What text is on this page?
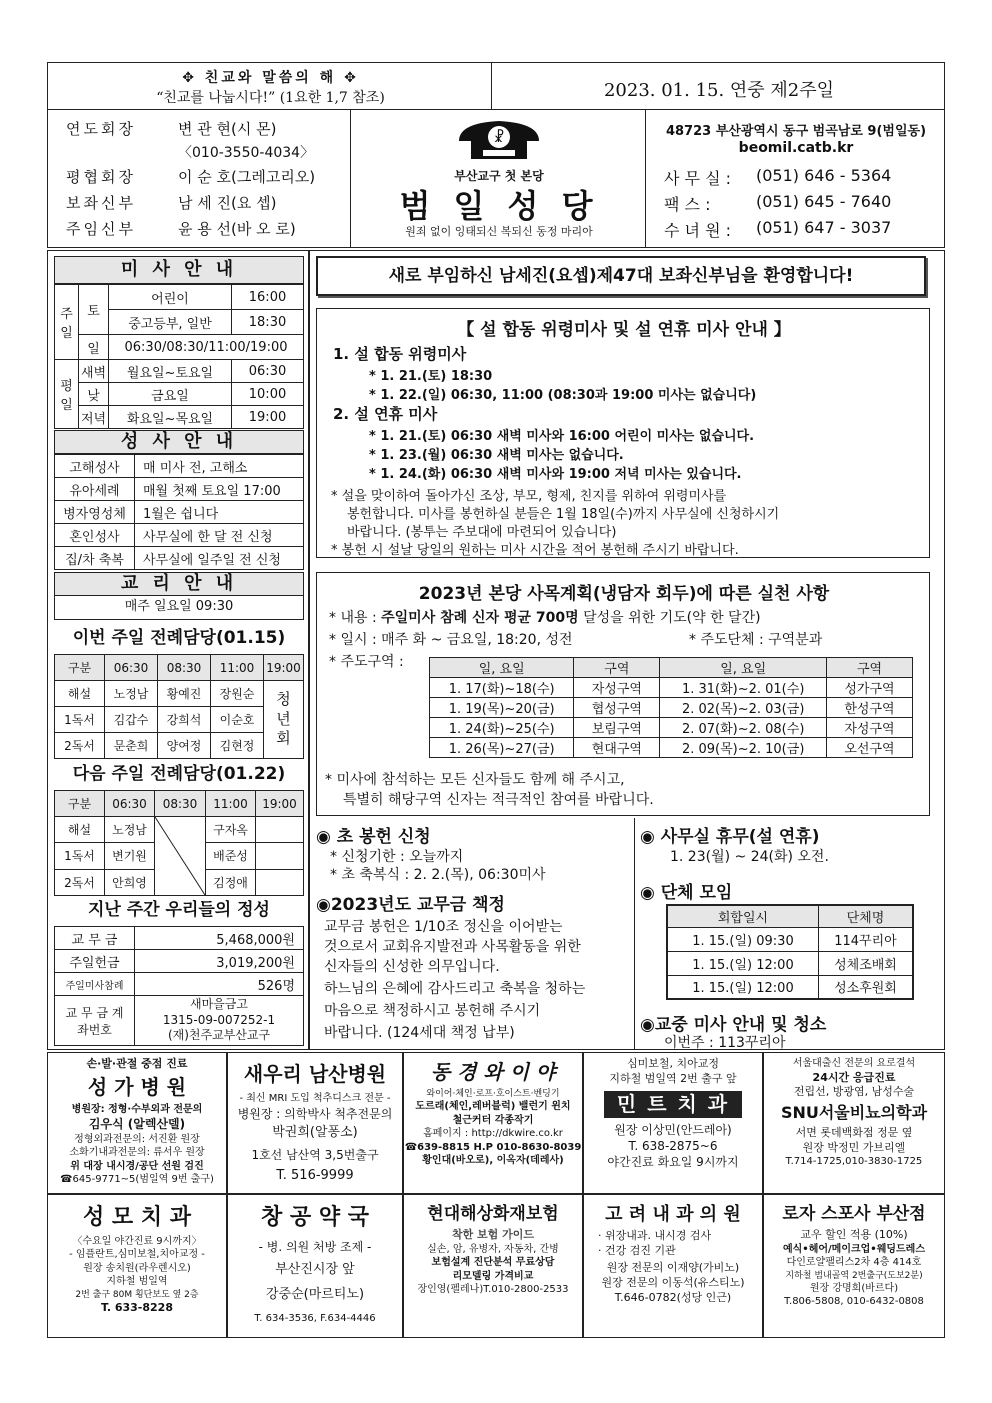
✥ 친교와 말씀의 해 ✥
“친교를 나눕시다!” (1요한 1,7 참조)	2023. 01. 15. 연중 제2주일
연도회장	변 관 현(시 몬)
〈010-3550-4034〉
평협회장	이 순 호(그레고리오)
보좌신부	남 세 진(요 셉)
주임신부	윤 용 선(바 오 로)
☧
부산교구 첫 본당
범 일 성 당
원죄 없이 잉태되신 복되신 동정 마리아
48723 부산광역시 동구 범곡남로 9(범일동)
beomil.catb.kr
사 무 실 : (051) 646 - 5364
팩 스 :	(051) 645 - 7640
수 녀 원 : (051) 647 - 3037
미 사 안 내
주일	토	어린이	16:00
		중고등부, 일반	18:30
	일	06:30/08:30/11:00/19:00	
평일	새벽	월요일~토요일	06:30
	낮	금요일	10:00
	저녁	화요일~목요일	19:00
성 사 안 내
고해성사	매 미사 전, 고해소
유아세례	매월 첫째 토요일 17:00
병자영성체	1월은 쉽니다
혼인성사	사무실에 한 달 전 신청
집/차 축복	사무실에 일주일 전 신청
교 리 안 내
매주 일요일 09:30
이번 주일 전례담당(01.15)
구분	06:30	08:30	11:00	19:00
해설	노정남	황예진	장원순	청년회
1독서	김갑수	강희석	이순호	
2독서	문춘희	양여정	김현정	
다음 주일 전례담당(01.22)
구분	06:30	08:30	11:00	19:00
해설	노정남		구자옥	
1독서	변기원		배준성	
2독서	안희영		김정애	
지난 주간 우리들의 정성
교 무 금	5,468,000원
주일헌금	3,019,200원
주일미사참례	526명
교 무 금 계좌번호	새마을금고
1315-09-007252-1
(재)천주교부산교구
새로 부임하신 남세진(요셉)제47대 보좌신부님을 환영합니다!
【 설 합동 위령미사 및 설 연휴 미사 안내 】
1. 설 합동 위령미사
* 1. 21.(토) 18:30
* 1. 22.(일) 06:30, 11:00 (08:30과 19:00 미사는 없습니다)
2. 설 연휴 미사
* 1. 21.(토) 06:30 새벽 미사와 16:00 어린이 미사는 없습니다.
* 1. 23.(월) 06:30 새벽 미사는 없습니다.
* 1. 24.(화) 06:30 새벽 미사와 19:00 저녁 미사는 있습니다.
* 설을 맞이하여 돌아가신 조상, 부모, 형제, 친지를 위하여 위령미사를
봉헌합니다. 미사를 봉헌하실 분들은 1월 18일(수)까지 사무실에 신청하시기
바랍니다. (봉투는 주보대에 마련되어 있습니다)
* 봉헌 시 설날 당일의 원하는 미사 시간을 적어 봉헌해 주시기 바랍니다.
2023년 본당 사목계획(냉담자 회두)에 따른 실천 사항
* 내용 : 주일미사 참례 신자 평균 700명 달성을 위한 기도(약 한 달간)
* 일시 : 매주 화 ~ 금요일, 18:20, 성전	* 주도단체 : 구역분과
* 주도구역 :	일, 요일	구역	일, 요일	구역
1. 17(화)~18(수)	자성구역	1. 31(화)~2. 01(수)	성가구역
1. 19(목)~20(금)	협성구역	2. 02(목)~2. 03(금)	한성구역
1. 24(화)~25(수)	보림구역	2. 07(화)~2. 08(수)	자성구역
1. 26(목)~27(금)	현대구역	2. 09(목)~2. 10(금)	오선구역
* 미사에 참석하는 모든 신자들도 함께 해 주시고,
특별히 해당구역 신자는 적극적인 참여를 바랍니다.
◉ 초 봉헌 신청
* 신청기한 : 오늘까지
* 초 축복식 : 2. 2.(목), 06:30미사
◉2023년도 교무금 책정
교무금 봉헌은 1/10조 정신을 이어받는
것으로서 교회유지발전과 사목활동을 위한
신자들의 신성한 의무입니다.
하느님의 은혜에 감사드리고 축복을 청하는
마음으로 책정하시고 봉헌해 주시기
바랍니다. (124세대 책정 납부)
◉ 사무실 휴무(설 연휴)
1. 23(월) ~ 24(화) 오전.
◉ 단체 모임
회합일시	단체명
1. 15.(일) 09:30	114꾸리아
1. 15.(일) 12:00	성체조배회
1. 15.(일) 12:00	성소후원회
◉교중 미사 안내 및 청소
이번주 : 113꾸리아
손·발·관절 중점 진료
성 가 병 원
병원장: 정형·수부외과 전문의
김우식 (알렉산델)
정형외과전문의: 서진환 원장
소화기내과전문의: 류서우 원장
위 대장 내시경/공단 선원 검진
☎645-9771~5(범일역 9번 출구)
새우리 남산병원
- 최신 MRI 도입 척추디스크 전문 -
병원장 : 의학박사 척추전문의
박권희(알퐁소)
1호선 남산역 3,5번출구
T. 516-9999
동 경 와 이 야
와이어·체인·로프·호이스트·벤딩기
도르래(체인,레버블럭) 밸런기 윈치
철근커터 각종작기
홈페이지 : http://dkwire.co.kr
☎639-8815 H.P 010-8630-8039
황인대(바오로), 이옥자(데레사)
심미보철, 치아교정
지하철 범일역 2번 출구 앞
민 트 치 과
원장 이상민(안드레아)
T. 638-2875~6
야간진료 화요일 9시까지
서울대출신 전문의 요로결석
24시간 응급진료
전립선, 방광염, 남성수술
SNU서울비뇨의학과
서면 롯데백화점 정문 옆
원장 박정민 가브리엘
T.714-1725,010-3830-1725
성 모 치 과
〈수요일 야간진료 9시까지〉
- 임플란트,심미보철,치아교정 -
원장 송치원(라우렌시오)
지하철 범일역
2번 출구 80M 횡단보도 옆 2층
T. 633-8228
창 공 약 국
- 병. 의원 처방 조제 -
부산진시장 앞
강중순(마르티노)
T. 634-3536, F.634-4446
현대해상화재보험
착한 보험 가이드
실손, 암, 유병자, 자동차, 간병
보험설계 진단분석 무료상담
리모델링 가격비교
장인영(펠레나)T.010-2800-2533
고 려 내 과 의 원
· 위장내과. 내시경 검사
· 건강 검진 기관
원장 전문의 이재양(가비노)
원장 전문의 이동석(유스티노)
T.646-0782(성당 인근)
로자 스포사 부산점
교우 할인 적용 (10%)
예식•헤어/메이크업•웨딩드레스
다인로얄팰리스2차 4층 414호
지하철 범내골역 2번출구(도보2분)
원장 강명희(바르다)
T.806-5808, 010-6432-0808
